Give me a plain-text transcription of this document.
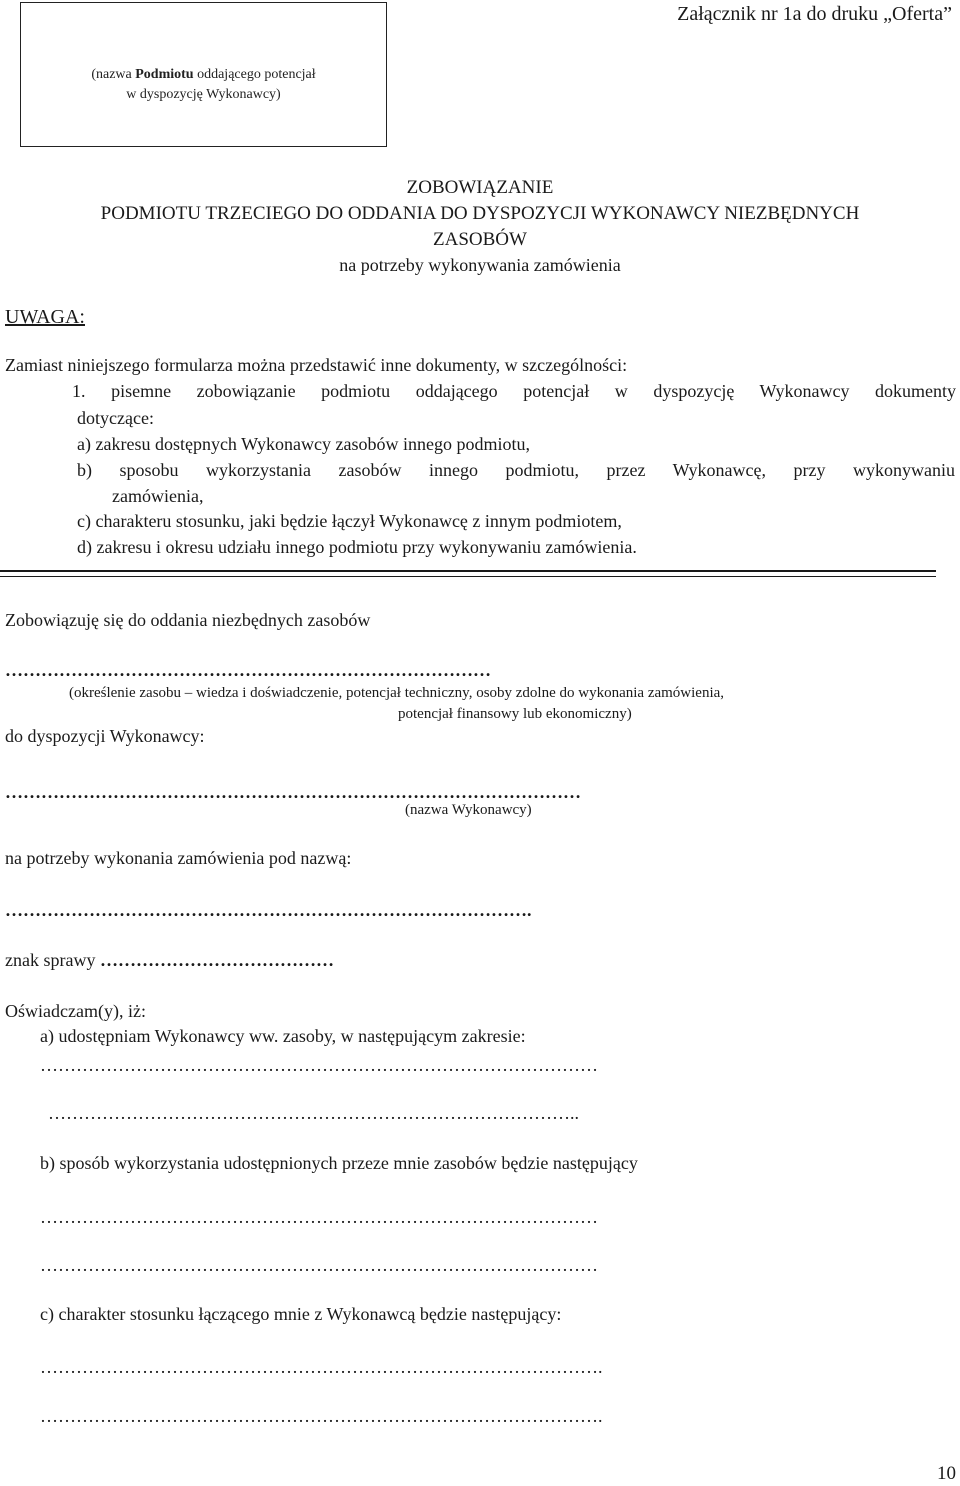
Załącznik nr 1a do druku „Oferta”
(nazwa Podmiotu oddającego potencjał
w dyspozycję Wykonawcy)
ZOBOWIĄZANIE
PODMIOTU TRZECIEGO DO ODDANIA DO DYSPOZYCJI WYKONAWCY NIEZBĘDNYCH
ZASOBÓW
na potrzeby wykonywania zamówienia
UWAGA:
Zamiast niniejszego formularza można przedstawić inne dokumenty, w szczególności:
1. pisemne zobowiązanie podmiotu oddającego potencjał w dyspozycję Wykonawcy dokumenty
dotyczące:
a) zakresu dostępnych Wykonawcy zasobów innego podmiotu,
b) sposobu wykorzystania zasobów innego podmiotu, przez Wykonawcę, przy wykonywaniu
zamówienia,
c) charakteru stosunku, jaki będzie łączył Wykonawcę z innym podmiotem,
d) zakresu i okresu udziału innego podmiotu przy wykonywaniu zamówienia.
Zobowiązuję się do oddania niezbędnych zasobów
………………………………………………………………………
(określenie zasobu – wiedza i doświadczenie, potencjał techniczny, osoby zdolne do wykonania zamówienia,
potencjał finansowy lub ekonomiczny)
do dyspozycji Wykonawcy:
……………………………………………………………………………………
(nazwa Wykonawcy)
na potrzeby wykonania zamówienia pod nazwą:
…………………………………………………………………………….
znak sprawy …………………………………
Oświadczam(y), iż:
a) udostępniam Wykonawcy ww. zasoby, w następującym zakresie:
…………………………………………………………………………………
……………………………………………………………………………..
b) sposób wykorzystania udostępnionych przeze mnie zasobów będzie następujący
…………………………………………………………………………………
…………………………………………………………………………………
c) charakter stosunku łączącego mnie z Wykonawcą będzie następujący:
………………………………………………………………………………….
………………………………………………………………………………….
10
